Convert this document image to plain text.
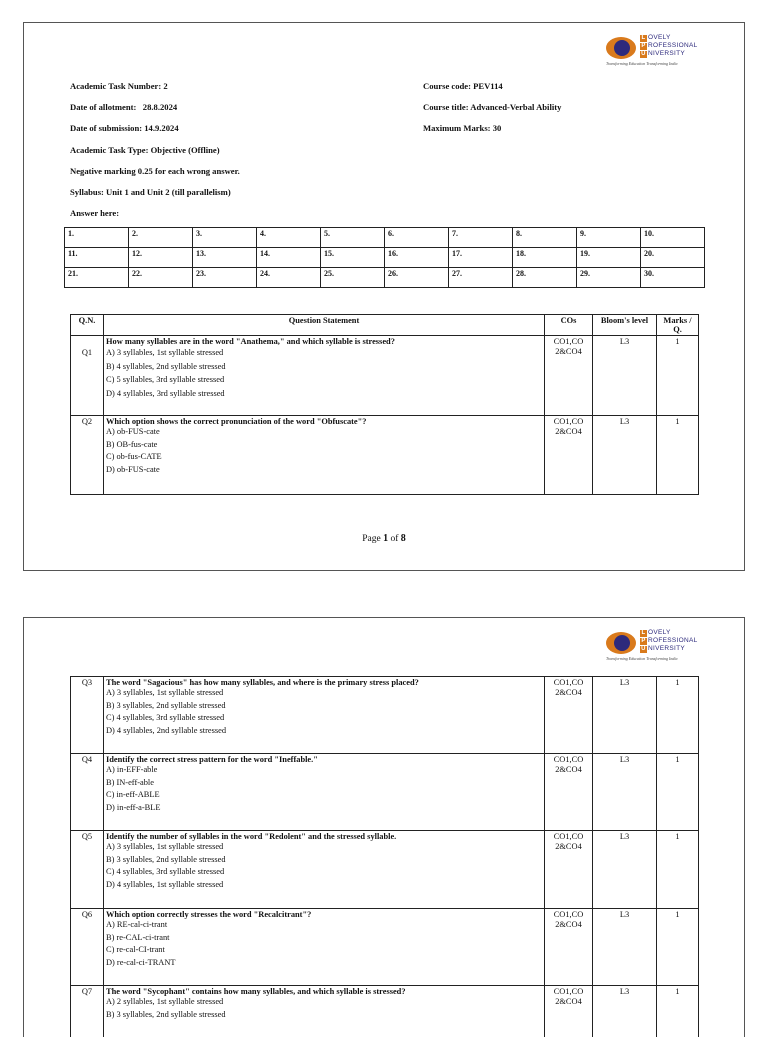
L OVELY
P ROFESSIONAL
U NIVERSITY
Transforming Education Transforming India
Academic Task Number: 2
Date of allotment:   28.8.2024
Date of submission: 14.9.2024
Academic Task Type: Objective (Offline)
Negative marking 0.25 for each wrong answer.
Syllabus: Unit 1 and Unit 2 (till parallelism)
Answer here:
Course code: PEV114
Course title: Advanced-Verbal Ability
Maximum Marks: 30
1.	2.	3.	4.	5.	6.	7.	8.	9.	10.
11.	12.	13.	14.	15.	16.	17.	18.	19.	20.
21.	22.	23.	24.	25.	26.	27.	28.	29.	30.
Q.N.	Question Statement	COs	Bloom's level	Marks / Q.
Q1	How many syllables are in the word "Anathema," and which syllable is stressed?
A) 3 syllables, 1st syllable stressed
B) 4 syllables, 2nd syllable stressed
C) 5 syllables, 3rd syllable stressed
D) 4 syllables, 3rd syllable stressed	CO1,CO 2&CO4	L3	1
Q2	Which option shows the correct pronunciation of the word "Obfuscate"?
A) ob-FUS-cate
B) OB-fus-cate
C) ob-fus-CATE
D) ob-FUS-cate	CO1,CO 2&CO4	L3	1
Page 1 of 8
L OVELY
P ROFESSIONAL
U NIVERSITY
Transforming Education Transforming India
Q3	The word "Sagacious" has how many syllables, and where is the primary stress placed?
A) 3 syllables, 1st syllable stressed
B) 3 syllables, 2nd syllable stressed
C) 4 syllables, 3rd syllable stressed
D) 4 syllables, 2nd syllable stressed	CO1,CO 2&CO4	L3	1
Q4	Identify the correct stress pattern for the word "Ineffable."
A) in-EFF-able
B) IN-eff-able
C) in-eff-ABLE
D) in-eff-a-BLE	CO1,CO 2&CO4	L3	1
Q5	Identify the number of syllables in the word "Redolent" and the stressed syllable.
A) 3 syllables, 1st syllable stressed
B) 3 syllables, 2nd syllable stressed
C) 4 syllables, 3rd syllable stressed
D) 4 syllables, 1st syllable stressed	CO1,CO 2&CO4	L3	1
Q6	Which option correctly stresses the word "Recalcitrant"?
A) RE-cal-ci-trant
B) re-CAL-ci-trant
C) re-cal-CI-trant
D) re-cal-ci-TRANT	CO1,CO 2&CO4	L3	1
Q7	The word "Sycophant" contains how many syllables, and which syllable is stressed?
A) 2 syllables, 1st syllable stressed
B) 3 syllables, 2nd syllable stressed	CO1,CO 2&CO4	L3	1
